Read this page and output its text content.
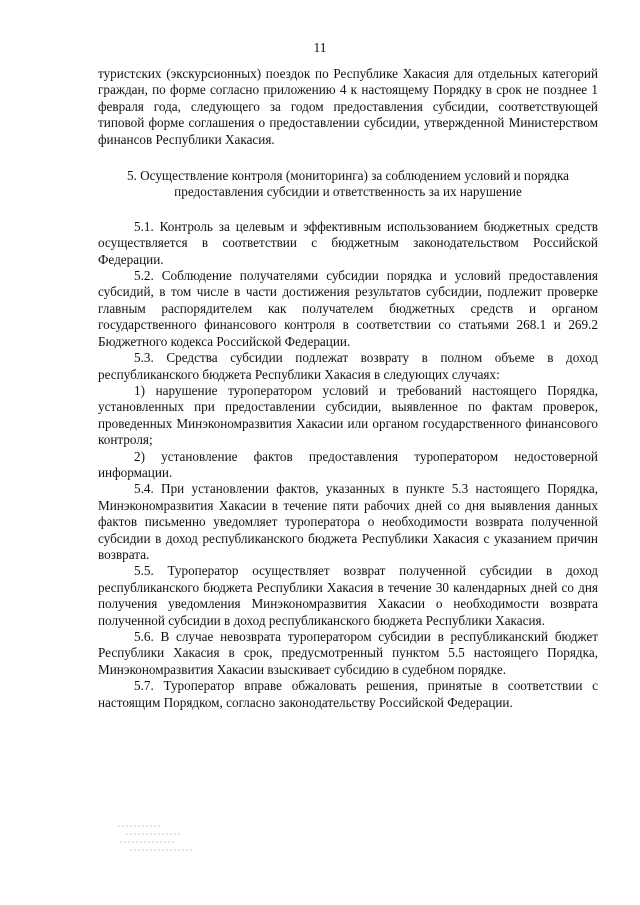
11

туристских (экскурсионных) поездок по Республике Хакасия для отдельных категорий граждан, по форме согласно приложению 4 к настоящему Порядку в срок не позднее 1 февраля года, следующего за годом предоставления субсидии, соответствующей типовой форме соглашения о предоставлении субсидии, утвержденной Министерством финансов Республики Хакасия.

5. Осуществление контроля (мониторинга) за соблюдением условий и порядка предоставления субсидии и ответственность за их нарушение

5.1. Контроль за целевым и эффективным использованием бюджетных средств осуществляется в соответствии с бюджетным законодательством Российской Федерации.

5.2. Соблюдение получателями субсидии порядка и условий предоставления субсидий, в том числе в части достижения результатов субсидии, подлежит проверке главным распорядителем как получателем бюджетных средств и органом государственного финансового контроля в соответствии со статьями 268.1 и 269.2 Бюджетного кодекса Российской Федерации.

5.3. Средства субсидии подлежат возврату в полном объеме в доход республиканского бюджета Республики Хакасия в следующих случаях:

1) нарушение туроператором условий и требований настоящего Порядка, установленных при предоставлении субсидии, выявленное по фактам проверок, проведенных Минэкономразвития Хакасии или органом государственного финансового контроля;

2) установление фактов предоставления туроператором недостоверной информации.

5.4. При установлении фактов, указанных в пункте 5.3 настоящего Порядка, Минэкономразвития Хакасии в течение пяти рабочих дней со дня выявления данных фактов письменно уведомляет туроператора о необходимости возврата полученной субсидии в доход республиканского бюджета Республики Хакасия с указанием причин возврата.

5.5. Туроператор осуществляет возврат полученной субсидии в доход республиканского бюджета Республики Хакасия в течение 30 календарных дней со дня получения уведомления Минэкономразвития Хакасии о необходимости возврата полученной субсидии в доход республиканского бюджета Республики Хакасия.

5.6. В случае невозврата туроператором субсидии в республиканский бюджет Республики Хакасия в срок, предусмотренный пунктом 5.5 настоящего Порядка, Минэкономразвития Хакасии взыскивает субсидию в судебном порядке.

5.7. Туроператор вправе обжаловать решения, принятые в соответствии с настоящим Порядком, согласно законодательству Российской Федерации.
